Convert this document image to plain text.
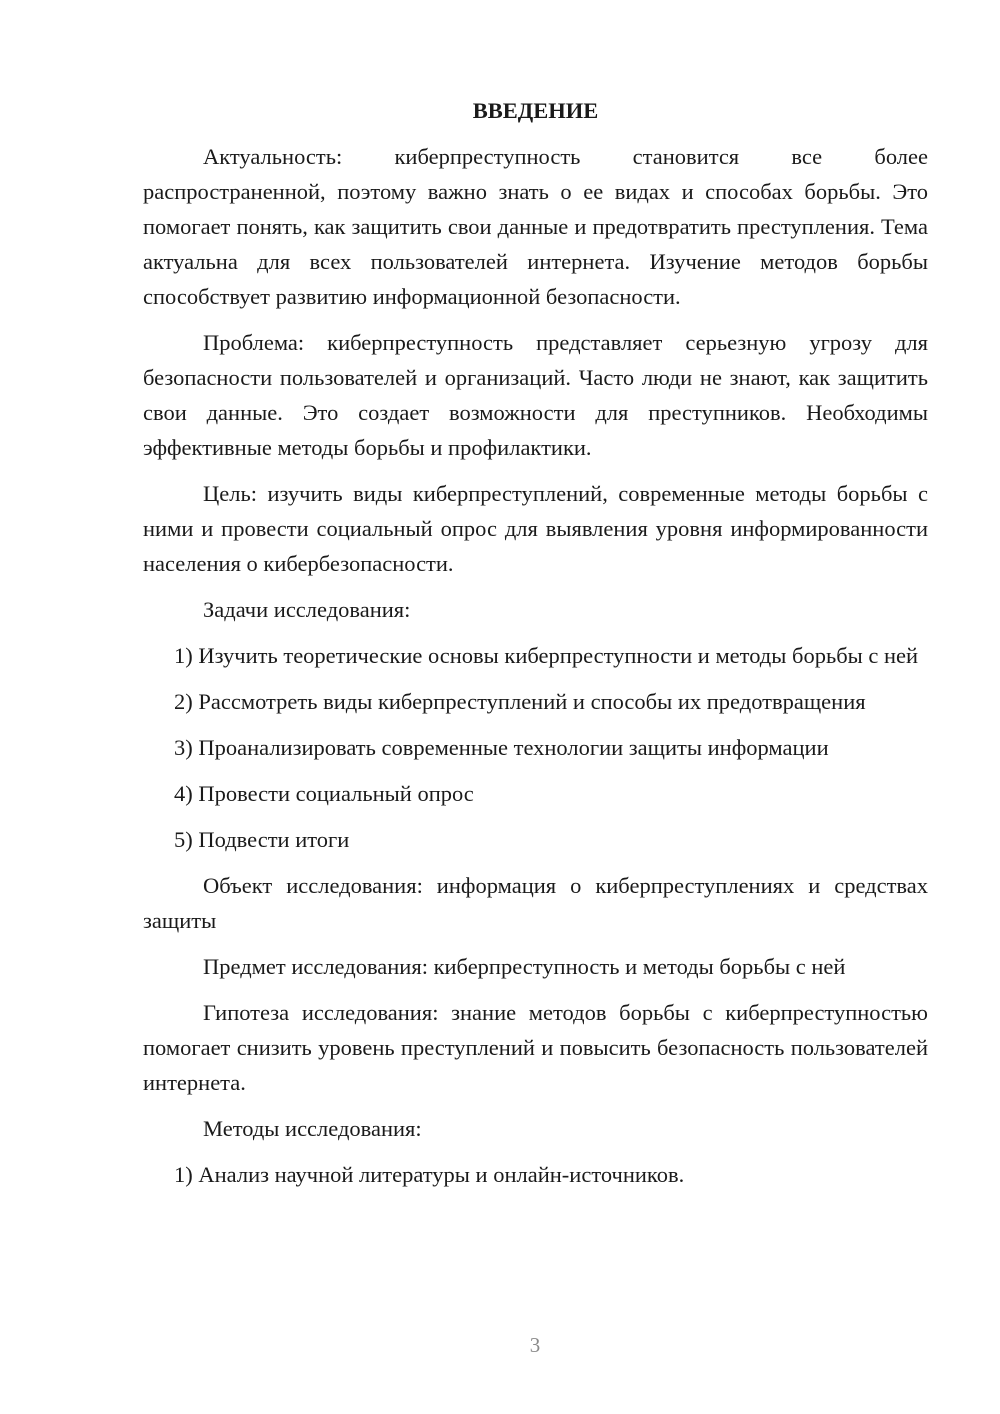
ВВЕДЕНИЕ

Актуальность: киберпреступность становится все более распространенной, поэтому важно знать о ее видах и способах борьбы. Это помогает понять, как защитить свои данные и предотвратить преступления. Тема актуальна для всех пользователей интернета. Изучение методов борьбы способствует развитию информационной безопасности.

Проблема: киберпреступность представляет серьезную угрозу для безопасности пользователей и организаций. Часто люди не знают, как защитить свои данные. Это создает возможности для преступников. Необходимы эффективные методы борьбы и профилактики.

Цель: изучить виды киберпреступлений, современные методы борьбы с ними и провести социальный опрос для выявления уровня информированности населения о кибербезопасности.

Задачи исследования:

1) Изучить теоретические основы киберпреступности и методы борьбы с ней

2) Рассмотреть виды киберпреступлений и способы их предотвращения

3) Проанализировать современные технологии защиты информации

4) Провести социальный опрос

5) Подвести итоги

Объект исследования: информация о киберпреступлениях и средствах защиты

Предмет исследования: киберпреступность и методы борьбы с ней

Гипотеза исследования: знание методов борьбы с киберпреступностью помогает снизить уровень преступлений и повысить безопасность пользователей интернета.

Методы исследования:

1) Анализ научной литературы и онлайн-источников.

3
